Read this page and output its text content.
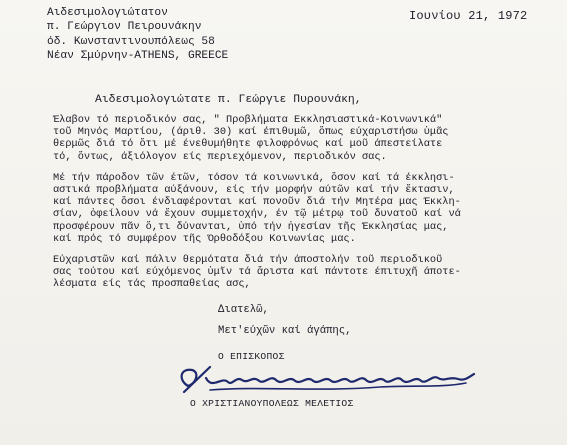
Αιδεσιμολογιώτατον
π. Γεώργιον Πειρουνάκην
όδ. Κωνσταντινουπόλεως 58
Νέαν Σμύρνην-ATHENS, GREECE
Ιουνίου 21, 1972
Αιδεσιμολογιώτατε π. Γεώργιε Πυρουνάκη,
Έλαβον τό περιοδικόν σας, " Προβλήματα Εκκλησιαστικά-Κοινωνικά"
τοῦ Μηνός Μαρτίου, (άριθ. 30) καί έπιθυμῶ, ὅπως εύχαριστήσω ὑμᾶς
θερμῶς διά τό ὅτι μέ ένεθυμήθητε φιλοφρόνως καί μοῦ άπεστείλατε
τό, ὄντως, άξιόλογον είς περιεχόμενον, περιοδικόν σας.
Μέ τήν πάροδον τῶν έτῶν, τόσον τά κοινωνικά, ὅσον καί τά έκκλησι-
αστικά προβλήματα αύξάνουν, είς τήν μορφήν αύτῶν καί τήν ἕκτασιν,
καί πάντες ὅσοι ένδιαφέρονται καί πονοῦν διά τήν Μητέρα μας Έκκλη-
σίαν, ὀφείλουν νά ἕχουν συμμετοχήν, έν τῷ μέτρῳ τοῦ δυνατοῦ καί νά
προσφέρουν πᾶν ὅ,τι δύνανται, ὑπό τήν ἡγεσίαν τῆς Έκκλησίας μας,
καί πρός τό συμφέρον τῆς Όρθοδόξου Κοινωνίας μας.
Εύχαριστῶν καί πάλιν θερμότατα διά τήν άποστολήν τοῦ περιοδικοῦ
σας τούτου καί εύχόμενος ὑμῖν τά ἄριστα καί πάντοτε έπιτυχῆ άποτε-
λέσματα είς τάς προσπαθείας ασς,
Διατελῶ,
Μετ'εύχῶν καί άγάπης,
Ο ΕΠΙΣΚΟΠΟΣ
Ο ΧΡΙΣΤΙΑΝΟΥΠΟΛΕΩΣ ΜΕΛΕΤΙΟΣ
